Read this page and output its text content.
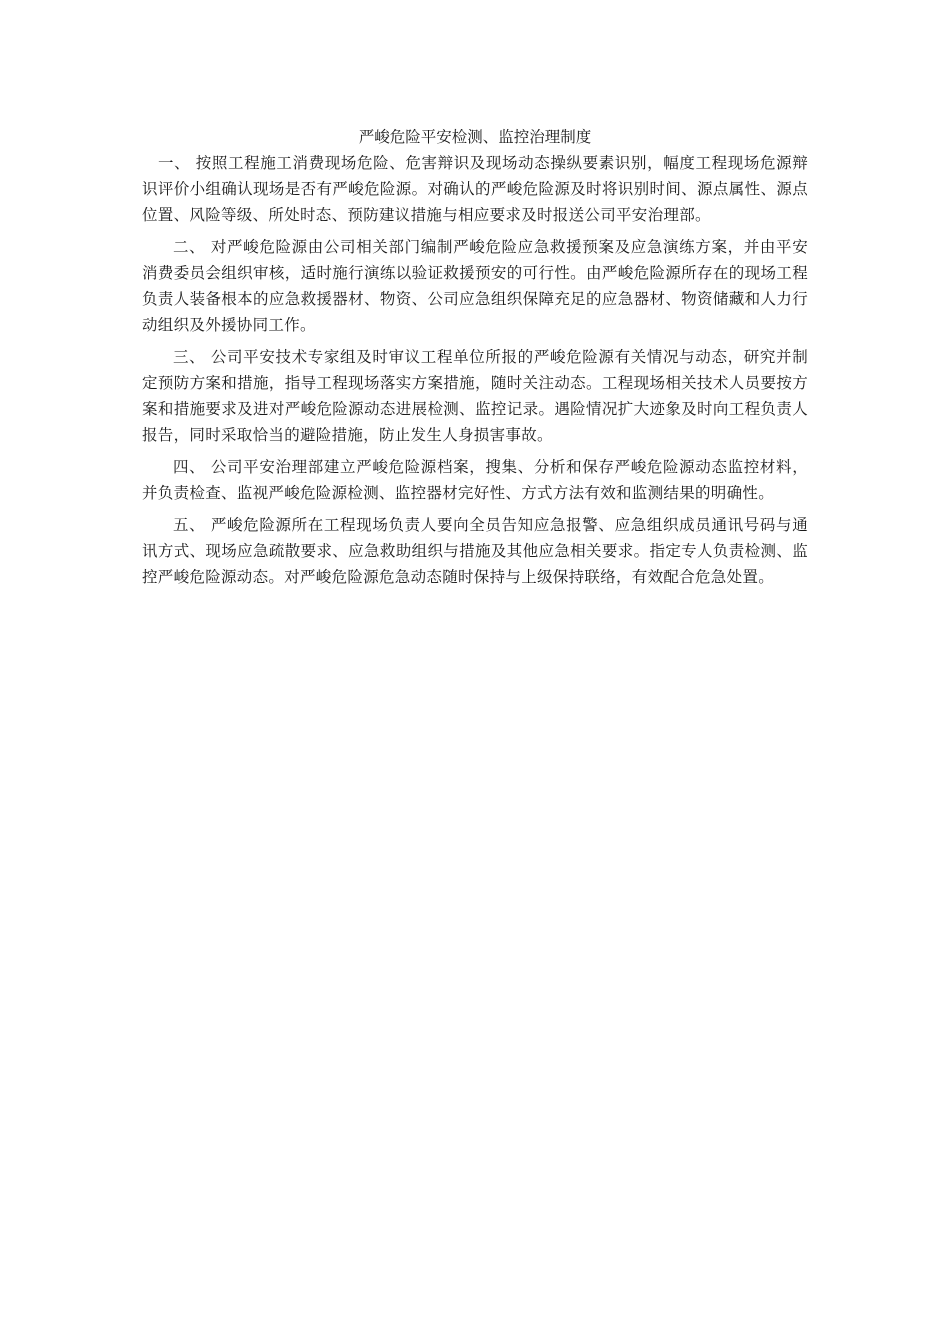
严峻危险平安检测、监控治理制度

一、 按照工程施工消费现场危险、危害辩识及现场动态操纵要素识别，幅度工程现场危源辩识评价小组确认现场是否有严峻危险源。对确认的严峻危险源及时将识别时间、源点属性、源点位置、风险等级、所处时态、预防建议措施与相应要求及时报送公司平安治理部。

二、 对严峻危险源由公司相关部门编制严峻危险应急救援预案及应急演练方案，并由平安消费委员会组织审核，适时施行演练以验证救援预安的可行性。由严峻危险源所存在的现场工程负责人装备根本的应急救援器材、物资、公司应急组织保障充足的应急器材、物资储藏和人力行动组织及外援协同工作。

三、 公司平安技术专家组及时审议工程单位所报的严峻危险源有关情况与动态，研究并制定预防方案和措施，指导工程现场落实方案措施，随时关注动态。工程现场相关技术人员要按方案和措施要求及进对严峻危险源动态进展检测、监控记录。遇险情况扩大迹象及时向工程负责人报告，同时采取恰当的避险措施，防止发生人身损害事故。

四、 公司平安治理部建立严峻危险源档案，搜集、分析和保存严峻危险源动态监控材料，并负责检查、监视严峻危险源检测、监控器材完好性、方式方法有效和监测结果的明确性。

五、 严峻危险源所在工程现场负责人要向全员告知应急报警、应急组织成员通讯号码与通讯方式、现场应急疏散要求、应急救助组织与措施及其他应急相关要求。指定专人负责检测、监控严峻危险源动态。对严峻危险源危急动态随时保持与上级保持联络，有效配合危急处置。
